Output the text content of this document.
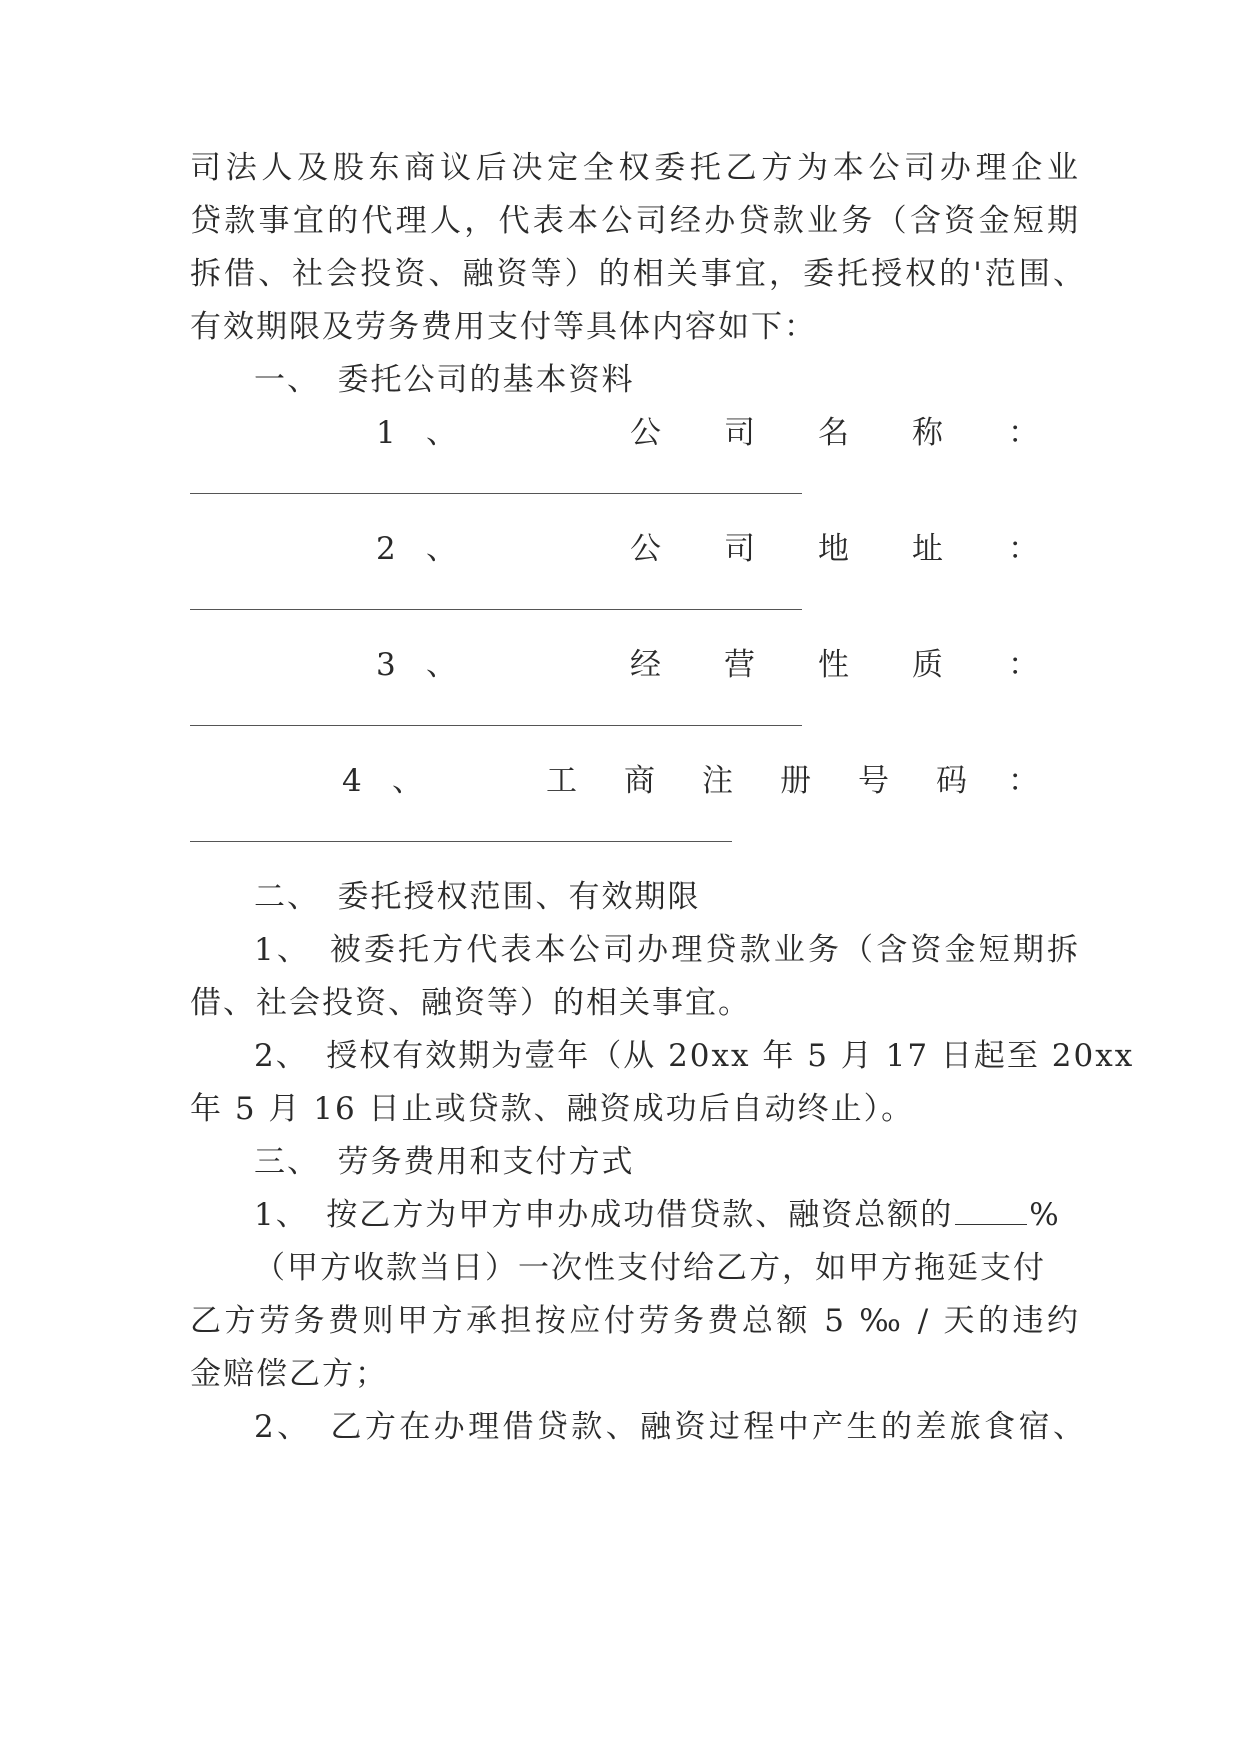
司法人及股东商议后决定全权委托乙方为本公司办理企业

贷款事宜的代理人，代表本公司经办贷款业务（含资金短期

拆借、社会投资、融资等）的相关事宜，委托授权的'范围、

有效期限及劳务费用支付等具体内容如下：

一、　委托公司的基本资料

1 、	公 司 名 称 ：
2 、	公 司 地 址 ：
3 、	经 营 性 质 ：
4 、	工 商 注 册 号 码 ：

二、　委托授权范围、有效期限

1、　被委托方代表本公司办理贷款业务（含资金短期拆

借、社会投资、融资等）的相关事宜。

2、　授权有效期为壹年（从 20xx 年 5 月 17 日起至 20xx

年 5 月 16 日止或贷款、融资成功后自动终止）。

三、　劳务费用和支付方式

1、　按乙方为甲方申办成功借贷款、融资总额的 %

（甲方收款当日）一次性支付给乙方，如甲方拖延支付

乙方劳务费则甲方承担按应付劳务费总额 5 ‰ / 天的违约

金赔偿乙方；

2、　乙方在办理借贷款、融资过程中产生的差旅食宿、
